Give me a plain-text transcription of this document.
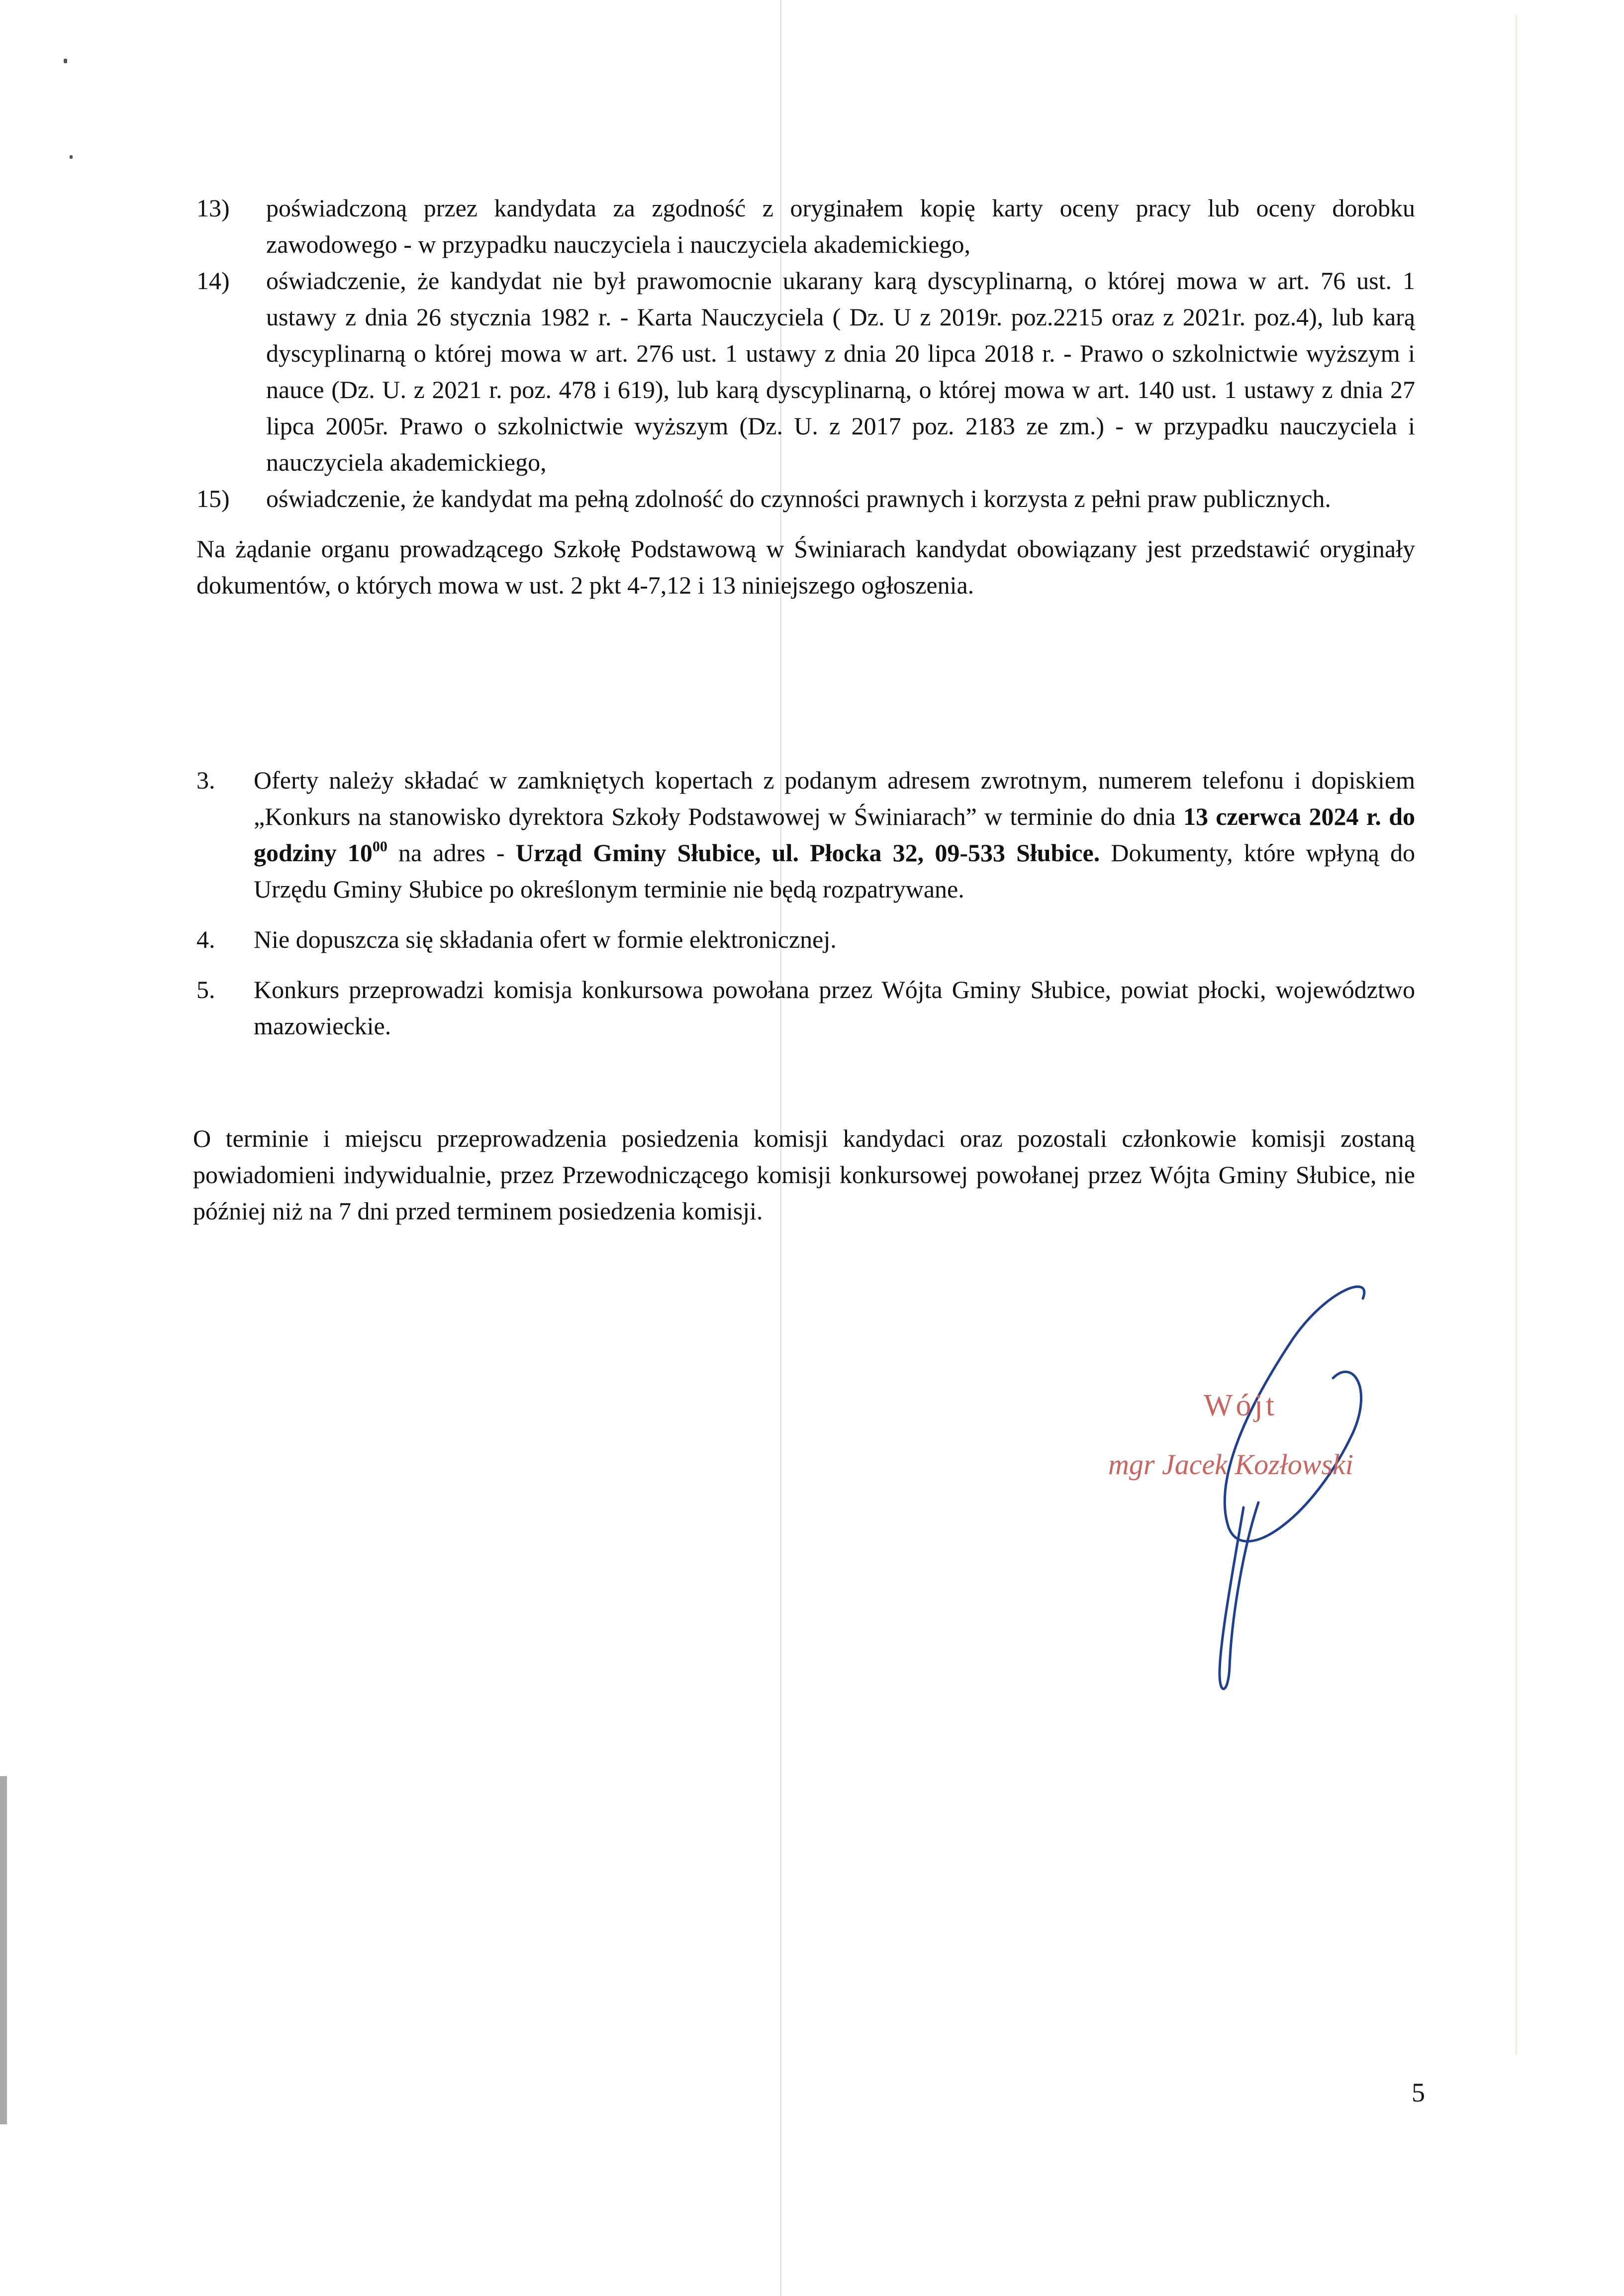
13)	poświadczoną przez kandydata za zgodność z oryginałem kopię karty oceny pracy lub oceny dorobku zawodowego - w przypadku nauczyciela i nauczyciela akademickiego,
14)	oświadczenie, że kandydat nie był prawomocnie ukarany karą dyscyplinarną, o której mowa w art. 76 ust. 1 ustawy z dnia 26 stycznia 1982 r. - Karta Nauczyciela ( Dz. U z 2019r. poz.2215 oraz z 2021r. poz.4), lub karą dyscyplinarną o której mowa w art. 276 ust. 1 ustawy z dnia 20 lipca 2018 r. - Prawo o szkolnictwie wyższym i nauce (Dz. U. z 2021 r. poz. 478 i 619), lub karą dyscyplinarną, o której mowa w art. 140 ust. 1 ustawy z dnia 27 lipca 2005r. Prawo o szkolnictwie wyższym (Dz. U. z 2017 poz. 2183 ze zm.) - w przypadku nauczyciela i nauczyciela akademickiego,
15)	oświadczenie, że kandydat ma pełną zdolność do czynności prawnych i korzysta z pełni praw publicznych.

Na żądanie organu prowadzącego Szkołę Podstawową w Świniarach kandydat obowiązany jest przedstawić oryginały dokumentów, o których mowa w ust. 2 pkt 4-7,12 i 13 niniejszego ogłoszenia.

3.	Oferty należy składać w zamkniętych kopertach z podanym adresem zwrotnym, numerem telefonu i dopiskiem „Konkurs na stanowisko dyrektora Szkoły Podstawowej w Świniarach” w terminie do dnia 13 czerwca 2024 r. do godziny $10^{00}$ na adres - Urząd Gminy Słubice, ul. Płocka 32, 09-533 Słubice. Dokumenty, które wpłyną do Urzędu Gminy Słubice po określonym terminie nie będą rozpatrywane.
4.	Nie dopuszcza się składania ofert w formie elektronicznej.
5.	Konkurs przeprowadzi komisja konkursowa powołana przez Wójta Gminy Słubice, powiat płocki, województwo mazowieckie.

O terminie i miejscu przeprowadzenia posiedzenia komisji kandydaci oraz pozostali członkowie komisji zostaną powiadomieni indywidualnie, przez Przewodniczącego komisji konkursowej powołanej przez Wójta Gminy Słubice, nie później niż na 7 dni przed terminem posiedzenia komisji.

Wójt
mgr Jacek Kozłowski
5
